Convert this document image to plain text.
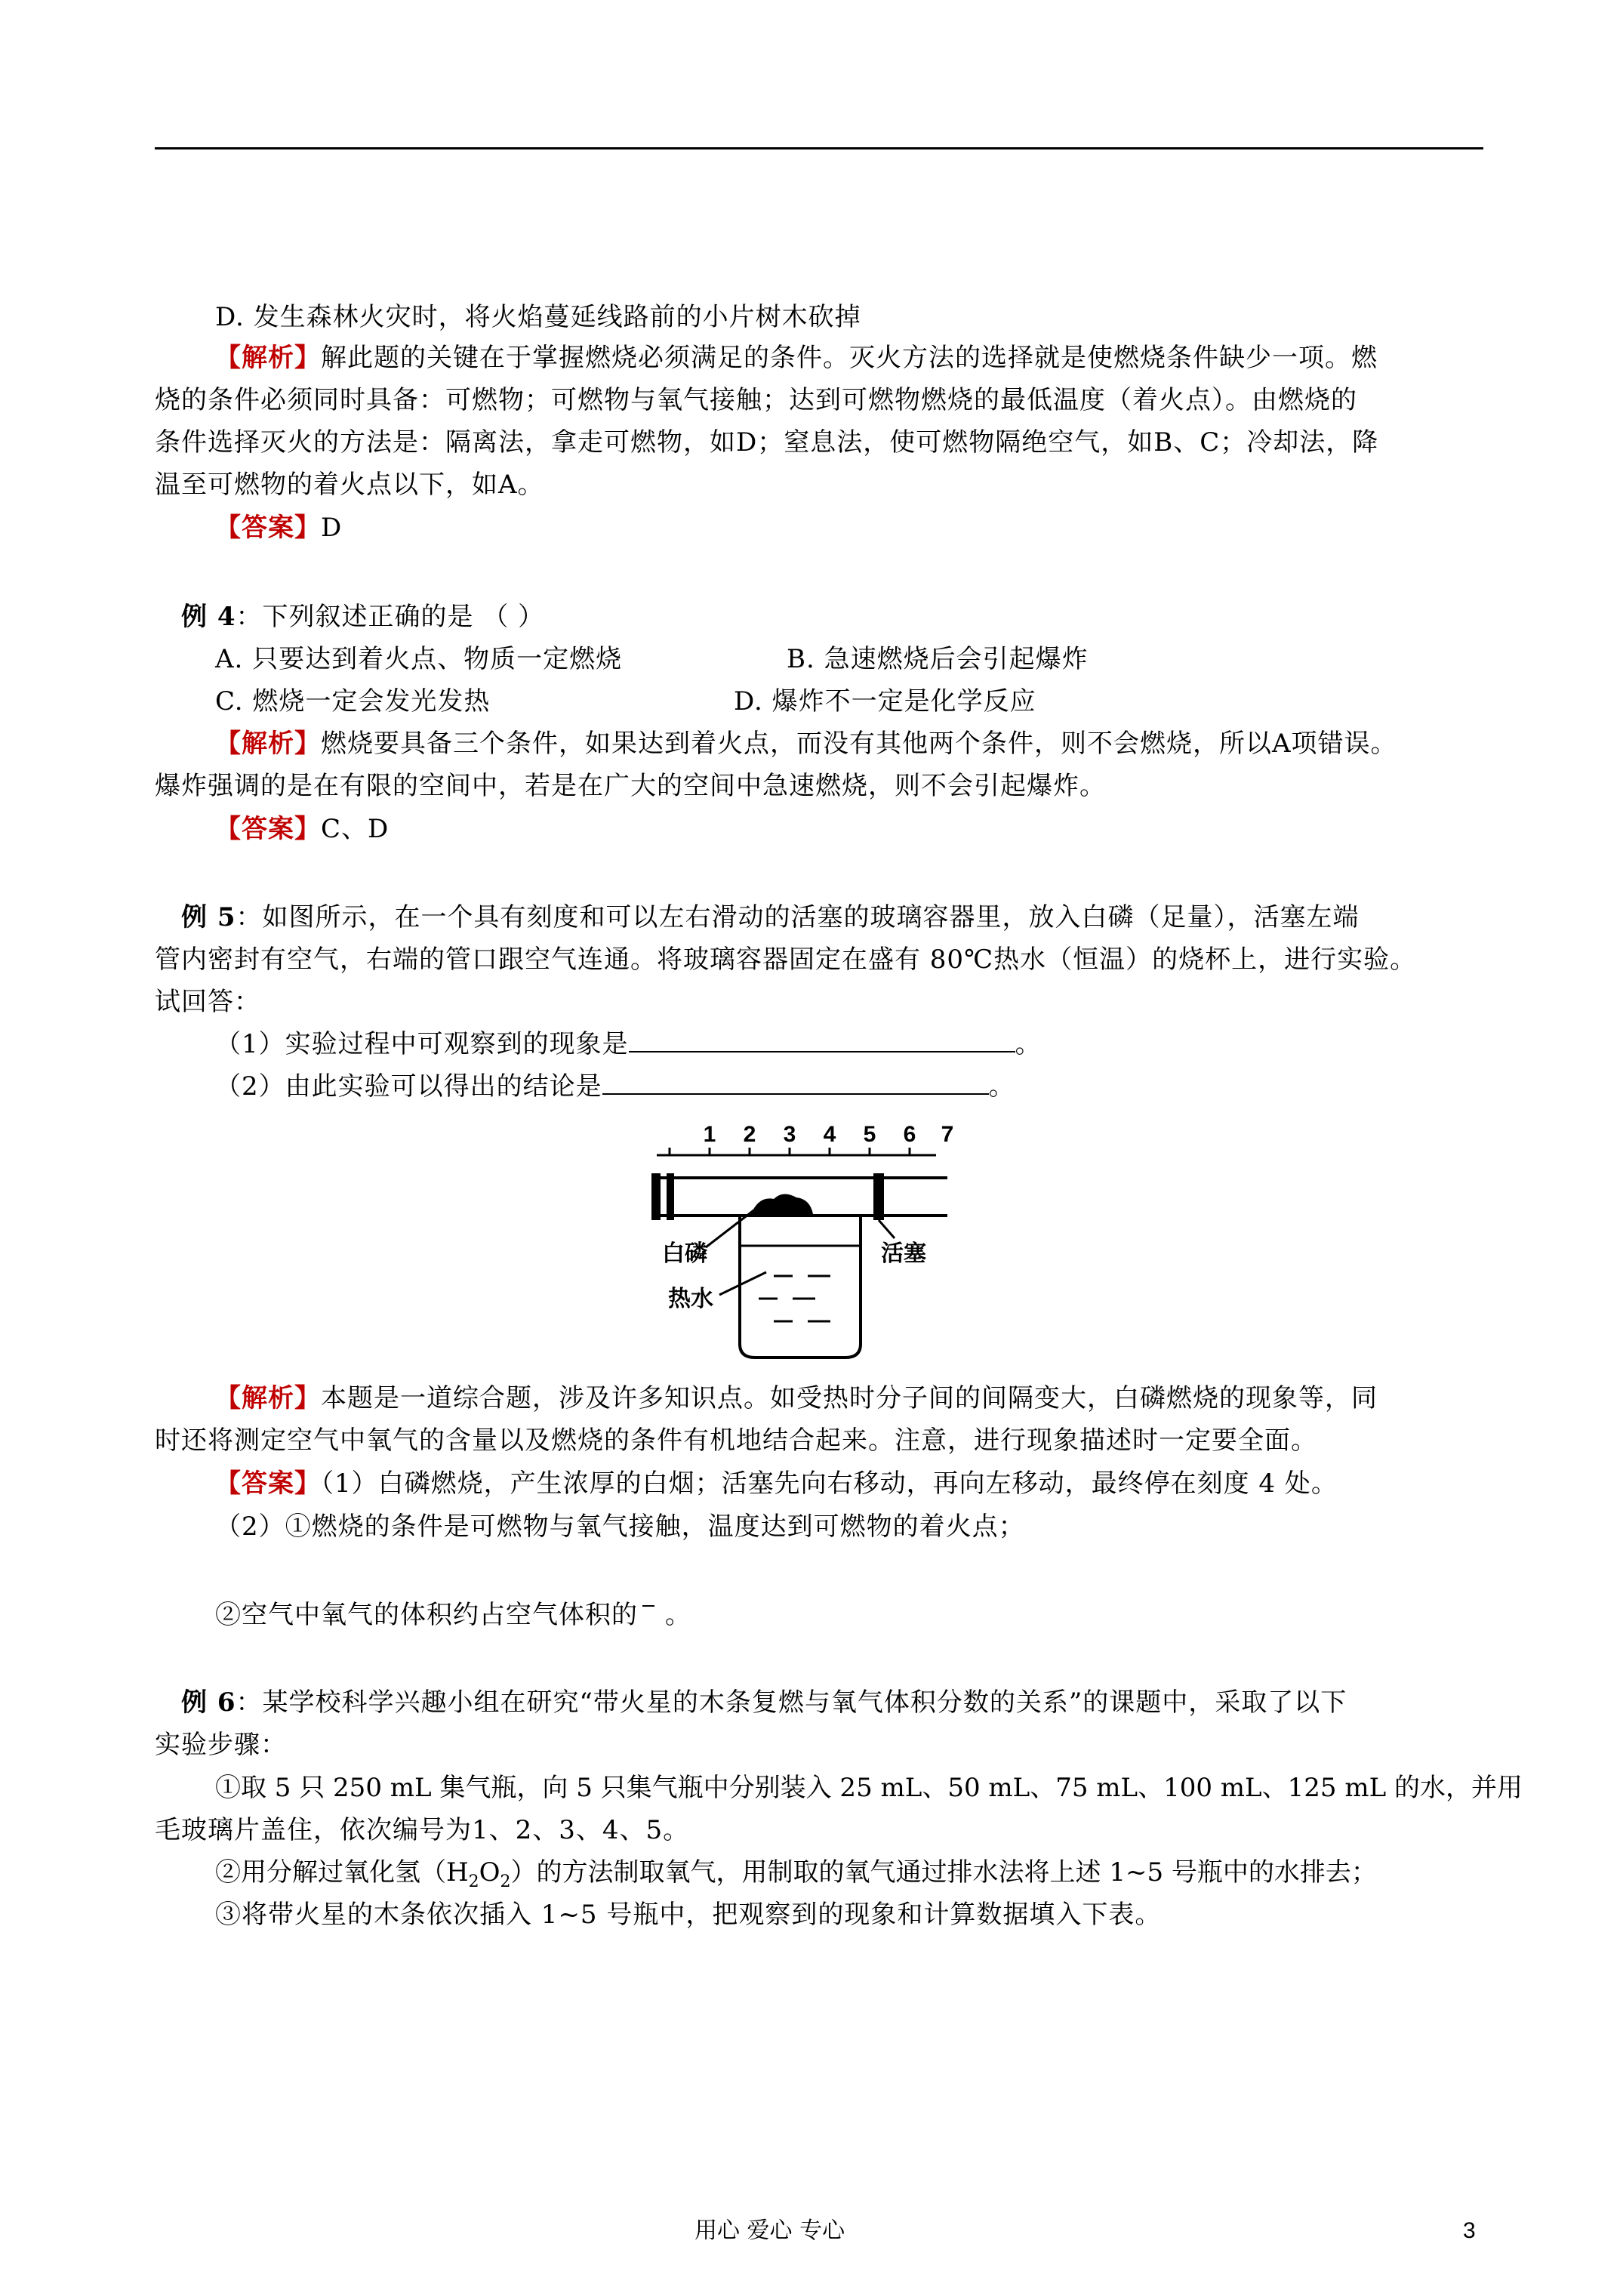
D. 发生森林火灾时，将火焰蔓延线路前的小片树木砍掉
【解析】解此题的关键在于掌握燃烧必须满足的条件。灭火方法的选择就是使燃烧条件缺少一项。燃
烧的条件必须同时具备：可燃物；可燃物与氧气接触；达到可燃物燃烧的最低温度（着火点）。由燃烧的
条件选择灭火的方法是：隔离法，拿走可燃物，如D；窒息法，使可燃物隔绝空气，如B、C；冷却法，降
温至可燃物的着火点以下，如A。
【答案】D
例 4：下列叙述正确的是 （ ）
A. 只要达到着火点、物质一定燃烧	B. 急速燃烧后会引起爆炸
C. 燃烧一定会发光发热	D. 爆炸不一定是化学反应
【解析】燃烧要具备三个条件，如果达到着火点，而没有其他两个条件，则不会燃烧，所以A项错误。
爆炸强调的是在有限的空间中，若是在广大的空间中急速燃烧，则不会引起爆炸。
【答案】C、D
例 5：如图所示，在一个具有刻度和可以左右滑动的活塞的玻璃容器里，放入白磷（足量），活塞左端
管内密封有空气，右端的管口跟空气连通。将玻璃容器固定在盛有 80℃热水（恒温）的烧杯上，进行实验。
试回答：
（1）实验过程中可观察到的现象是	。
（2）由此实验可以得出的结论是	。
1 2 3 4 5 6 7
白磷	活塞
热水
【解析】本题是一道综合题，涉及许多知识点。如受热时分子间的间隔变大，白磷燃烧的现象等，同
时还将测定空气中氧气的含量以及燃烧的条件有机地结合起来。注意，进行现象描述时一定要全面。
【答案】（1）白磷燃烧，产生浓厚的白烟；活塞先向右移动，再向左移动，最终停在刻度 4 处。
（2）①燃烧的条件是可燃物与氧气接触，温度达到可燃物的着火点；
②空气中氧气的体积约占空气体积的 。
例 6：某学校科学兴趣小组在研究“带火星的木条复燃与氧气体积分数的关系”的课题中，采取了以下
实验步骤：
①取 5 只 250 mL 集气瓶，向 5 只集气瓶中分别装入 25 mL、50 mL、75 mL、100 mL、125 mL 的水，并用
毛玻璃片盖住，依次编号为1、2、3、4、5。
②用分解过氧化氢$(H_2O_2)$的方法制取氧气，用制取的氧气通过排水法将上述 1~5 号瓶中的水排去；
③将带火星的木条依次插入 1~5 号瓶中，把观察到的现象和计算数据填入下表。
用心 爱心 专心	3
